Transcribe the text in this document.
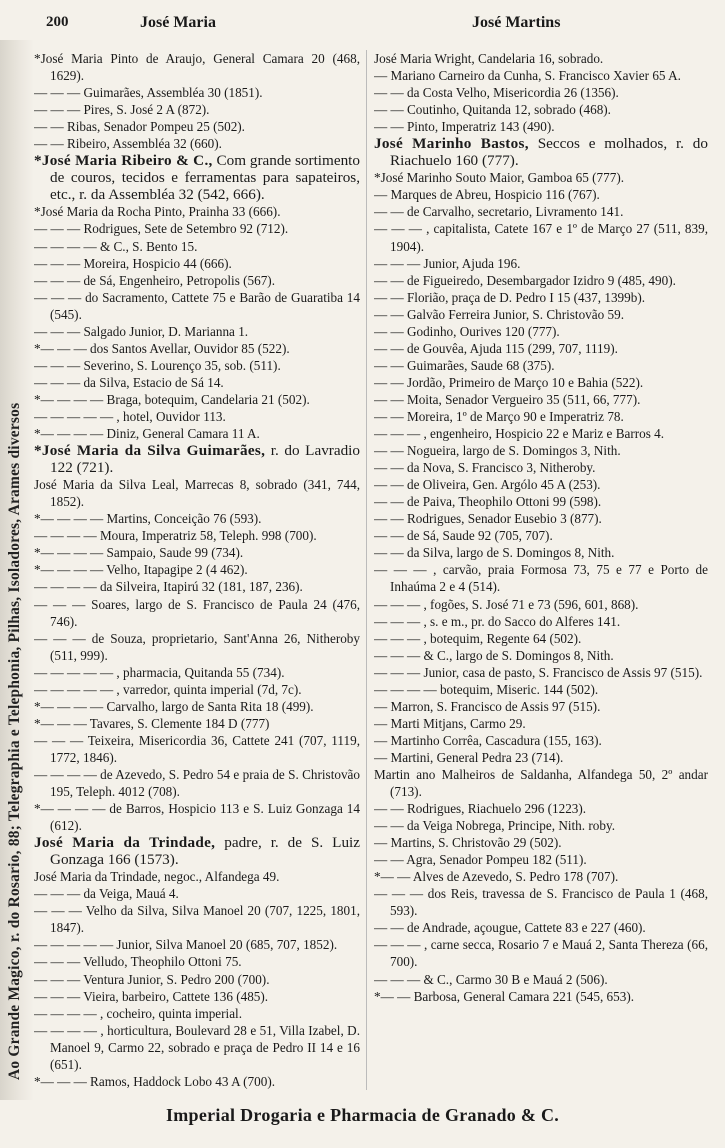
Ao Grande Magico, r. do Rosario, 88; Telegraphia e Telephonia, Pilhas, Isoladores, Arames diversos
200	José Maria	José Martins

*José Maria Pinto de Araujo, General Camara 20 (468, 1629).

— — — Guimarães, Assembléa 30 (1851).

— — — Pires, S. José 2 A (872).

— — Ribas, Senador Pompeu 25 (502).

— — Ribeiro, Assembléa 32 (660).

*José Maria Ribeiro & C., Com grande sortimento de couros, tecidos e ferramentas para sapateiros, etc., r. da Assembléa 32 (542, 666).

*José Maria da Rocha Pinto, Prainha 33 (666).

— — — Rodrigues, Sete de Setembro 92 (712).

— — — — & C., S. Bento 15.

— — — Moreira, Hospicio 44 (666).

— — — de Sá, Engenheiro, Petropolis (567).

— — — do Sacramento, Cattete 75 e Barão de Guaratiba 14 (545).

— — — Salgado Junior, D. Marianna 1.

*— — — dos Santos Avellar, Ouvidor 85 (522).

— — — Severino, S. Lourenço 35, sob. (511).

— — — da Silva, Estacio de Sá 14.

*— — — — Braga, botequim, Candelaria 21 (502).

— — — — — , hotel, Ouvidor 113.

*— — — — Diniz, General Camara 11 A.

*José Maria da Silva Guimarães, r. do Lavradio 122 (721).

José Maria da Silva Leal, Marrecas 8, sobrado (341, 744, 1852).

*— — — — Martins, Conceição 76 (593).

— — — — Moura, Imperatriz 58, Teleph. 998 (700).

*— — — — Sampaio, Saude 99 (734).

*— — — — Velho, Itapagipe 2 (4 462).

— — — — da Silveira, Itapirú 32 (181, 187, 236).

— — — Soares, largo de S. Francisco de Paula 24 (476, 746).

— — — de Souza, proprietario, Sant'Anna 26, Nitheroby (511, 999).

— — — — — , pharmacia, Quitanda 55 (734).

— — — — — , varredor, quinta imperial (7d, 7c).

*— — — — Carvalho, largo de Santa Rita 18 (499).

*— — — Tavares, S. Clemente 184 D (777)

— — — Teixeira, Misericordia 36, Cattete 241 (707, 1119, 1772, 1846).

— — — — de Azevedo, S. Pedro 54 e praia de S. Christovão 195, Teleph. 4012 (708).

*— — — — de Barros, Hospicio 113 e S. Luiz Gonzaga 14 (612).

José Maria da Trindade, padre, r. de S. Luiz Gonzaga 166 (1573).

José Maria da Trindade, negoc., Alfandega 49.

— — — da Veiga, Mauá 4.

— — — Velho da Silva, Silva Manoel 20 (707, 1225, 1801, 1847).

— — — — — Junior, Silva Manoel 20 (685, 707, 1852).

— — — Velludo, Theophilo Ottoni 75.

— — — Ventura Junior, S. Pedro 200 (700).

— — — Vieira, barbeiro, Cattete 136 (485).

— — — — , cocheiro, quinta imperial.

— — — — , horticultura, Boulevard 28 e 51, Villa Izabel, D. Manoel 9, Carmo 22, sobrado e praça de Pedro II 14 e 16 (651).

*— — — Ramos, Haddock Lobo 43 A (700).

José Maria Wright, Candelaria 16, sobrado.

— Mariano Carneiro da Cunha, S. Francisco Xavier 65 A.

— — da Costa Velho, Misericordia 26 (1356).

— — Coutinho, Quitanda 12, sobrado (468).

— — Pinto, Imperatriz 143 (490).

José Marinho Bastos, Seccos e molhados, r. do Riachuelo 160 (777).

*José Marinho Souto Maior, Gamboa 65 (777).

— Marques de Abreu, Hospicio 116 (767).

— — de Carvalho, secretario, Livramento 141.

— — — , capitalista, Catete 167 e 1º de Março 27 (511, 839, 1904).

— — — Junior, Ajuda 196.

— — de Figueiredo, Desembargador Izidro 9 (485, 490).

— — Florião, praça de D. Pedro I 15 (437, 1399b).

— — Galvão Ferreira Junior, S. Christovão 59.

— — Godinho, Ourives 120 (777).

— — de Gouvêa, Ajuda 115 (299, 707, 1119).

— — Guimarães, Saude 68 (375).

— — Jordão, Primeiro de Março 10 e Bahia (522).

— — Moita, Senador Vergueiro 35 (511, 66, 777).

— — Moreira, 1º de Março 90 e Imperatriz 78.

— — — , engenheiro, Hospicio 22 e Mariz e Barros 4.

— — Nogueira, largo de S. Domingos 3, Nith.

— — da Nova, S. Francisco 3, Nitheroby.

— — de Oliveira, Gen. Argólo 45 A (253).

— — de Paiva, Theophilo Ottoni 99 (598).

— — Rodrigues, Senador Eusebio 3 (877).

— — de Sá, Saude 92 (705, 707).

— — da Silva, largo de S. Domingos 8, Nith.

— — — , carvão, praia Formosa 73, 75 e 77 e Porto de Inhaúma 2 e 4 (514).

— — — , fogões, S. José 71 e 73 (596, 601, 868).

— — — , s. e m., pr. do Sacco do Alferes 141.

— — — , botequim, Regente 64 (502).

— — — & C., largo de S. Domingos 8, Nith.

— — — Junior, casa de pasto, S. Francisco de Assis 97 (515).

— — — — botequim, Miseric. 144 (502).

— Marron, S. Francisco de Assis 97 (515).

— Marti Mitjans, Carmo 29.

— Martinho Corrêa, Cascadura (155, 163).

— Martini, General Pedra 23 (714).

Martin ano Malheiros de Saldanha, Alfandega 50, 2º andar (713).

— — Rodrigues, Riachuelo 296 (1223).

— — da Veiga Nobrega, Principe, Nith. roby.

— Martins, S. Christovão 29 (502).

— — Agra, Senador Pompeu 182 (511).

*— — Alves de Azevedo, S. Pedro 178 (707).

— — — dos Reis, travessa de S. Francisco de Paula 1 (468, 593).

— — de Andrade, açougue, Cattete 83 e 227 (460).

— — — , carne secca, Rosario 7 e Mauá 2, Santa Thereza (66, 700).

— — — & C., Carmo 30 B e Mauá 2 (506).

*— — Barbosa, General Camara 221 (545, 653).

Imperial Drogaria e Pharmacia de Granado & C.
